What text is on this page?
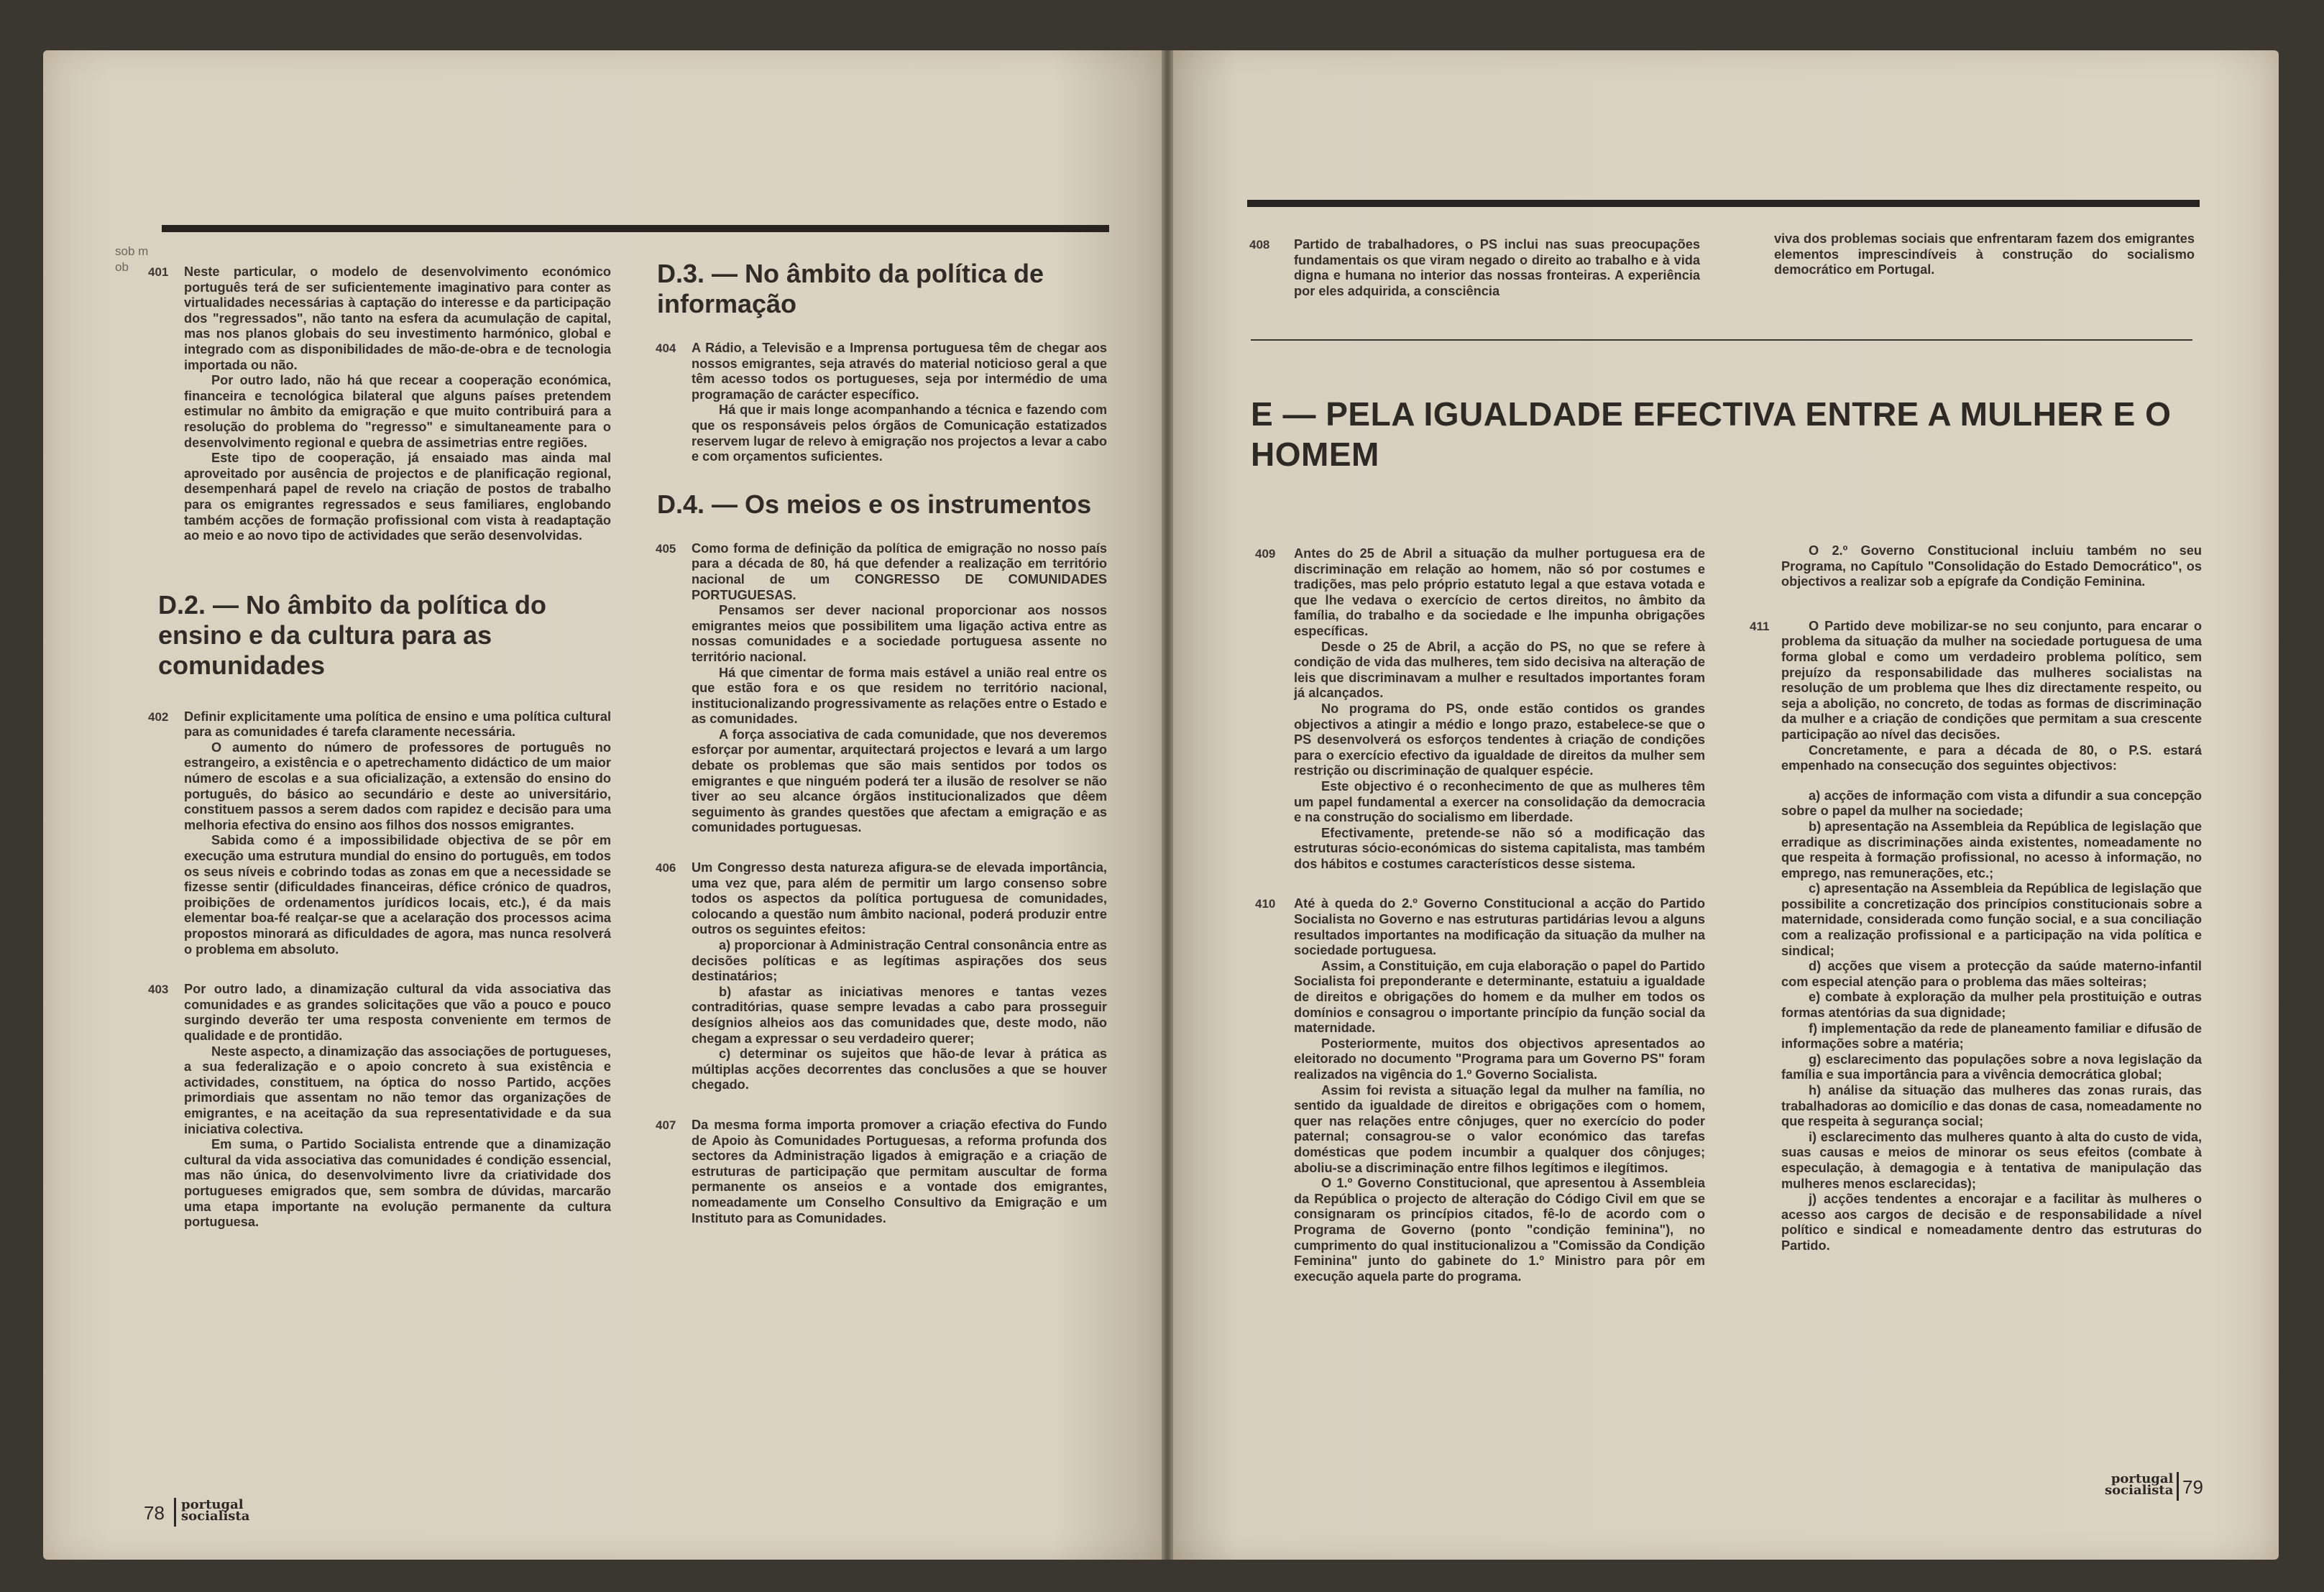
sob m
ob 401 Neste particular, o modelo de desenvolvimento económico português terá de ser suficientemente imaginativo para conter as virtualidades necessárias à captação do interesse e da participação dos "regressados", não tanto na esfera da acumulação de capital, mas nos planos globais do seu investimento harmónico, global e integrado com as disponibilidades de mão-de-obra e de tecnologia importada ou não.

Por outro lado, não há que recear a cooperação económica, financeira e tecnológica bilateral que alguns países pretendem estimular no âmbito da emigração e que muito contribuirá para a resolução do problema do "regresso" e simultaneamente para o desenvolvimento regional e quebra de assimetrias entre regiões.

Este tipo de cooperação, já ensaiado mas ainda mal aproveitado por ausência de projectos e de planificação regional, desempenhará papel de revelo na criação de postos de trabalho para os emigrantes regressados e seus familiares, englobando também acções de formação profissional com vista à readaptação ao meio e ao novo tipo de actividades que serão desenvolvidas.

D.2. — No âmbito da política do ensino e da cultura para as comunidades
402 Definir explicitamente uma política de ensino e uma política cultural para as comunidades é tarefa claramente necessária.

O aumento do número de professores de português no estrangeiro, a existência e o apetrechamento didáctico de um maior número de escolas e a sua oficialização, a extensão do ensino do português, do básico ao secundário e deste ao universitário, constituem passos a serem dados com rapidez e decisão para uma melhoria efectiva do ensino aos filhos dos nossos emigrantes.

Sabida como é a impossibilidade objectiva de se pôr em execução uma estrutura mundial do ensino do português, em todos os seus níveis e cobrindo todas as zonas em que a necessidade se fizesse sentir (dificuldades financeiras, défice crónico de quadros, proibições de ordenamentos jurídicos locais, etc.), é da mais elementar boa-fé realçar-se que a acelaração dos processos acima propostos minorará as dificuldades de agora, mas nunca resolverá o problema em absoluto.

403 Por outro lado, a dinamização cultural da vida associativa das comunidades e as grandes solicitações que vão a pouco e pouco surgindo deverão ter uma resposta conveniente em termos de qualidade e de prontidão.

Neste aspecto, a dinamização das associações de portugueses, a sua federalização e o apoio concreto à sua existência e actividades, constituem, na óptica do nosso Partido, acções primordiais que assentam no não temor das organizações de emigrantes, e na aceitação da sua representatividade e da sua iniciativa colectiva.

Em suma, o Partido Socialista entrende que a dinamização cultural da vida associativa das comunidades é condição essencial, mas não única, do desenvolvimento livre da criatividade dos portugueses emigrados que, sem sombra de dúvidas, marcarão uma etapa importante na evolução permanente da cultura portuguesa.

D.3. — No âmbito da política de informação
404 A Rádio, a Televisão e a Imprensa portuguesa têm de chegar aos nossos emigrantes, seja através do material noticioso geral a que têm acesso todos os portugueses, seja por intermédio de uma programação de carácter específico.

Há que ir mais longe acompanhando a técnica e fazendo com que os responsáveis pelos órgãos de Comunicação estatizados reservem lugar de relevo à emigração nos projectos a levar a cabo e com orçamentos suficientes.

D.4. — Os meios e os instrumentos
405 Como forma de definição da política de emigração no nosso país para a década de 80, há que defender a realização em território nacional de um CONGRESSO DE COMUNIDADES PORTUGUESAS.

Pensamos ser dever nacional proporcionar aos nossos emigrantes meios que possibilitem uma ligação activa entre as nossas comunidades e a sociedade portuguesa assente no território nacional.

Há que cimentar de forma mais estável a união real entre os que estão fora e os que residem no território nacional, institucionalizando progressivamente as relações entre o Estado e as comunidades.

A força associativa de cada comunidade, que nos deveremos esforçar por aumentar, arquitectará projectos e levará a um largo debate os problemas que são mais sentidos por todos os emigrantes e que ninguém poderá ter a ilusão de resolver se não tiver ao seu alcance órgãos institucionalizados que dêem seguimento às grandes questões que afectam a emigração e as comunidades portuguesas.

406 Um Congresso desta natureza afigura-se de elevada importância, uma vez que, para além de permitir um largo consenso sobre todos os aspectos da política portuguesa de comunidades, colocando a questão num âmbito nacional, poderá produzir entre outros os seguintes efeitos:

a) proporcionar à Administração Central consonância entre as decisões políticas e as legítimas aspirações dos seus destinatários;

b) afastar as iniciativas menores e tantas vezes contraditórias, quase sempre levadas a cabo para prosseguir desígnios alheios aos das comunidades que, deste modo, não chegam a expressar o seu verdadeiro querer;

c) determinar os sujeitos que hão-de levar à prática as múltiplas acções decorrentes das conclusões a que se houver chegado.

407 Da mesma forma importa promover a criação efectiva do Fundo de Apoio às Comunidades Portuguesas, a reforma profunda dos sectores da Administração ligados à emigração e a criação de estruturas de participação que permitam auscultar de forma permanente os anseios e a vontade dos emigrantes, nomeadamente um Conselho Consultivo da Emigração e um Instituto para as Comunidades.

78 portugal
socialista
408 Partido de trabalhadores, o PS inclui nas suas preocupações fundamentais os que viram negado o direito ao trabalho e à vida digna e humana no interior das nossas fronteiras. A experiência por eles adquirida, a consciência

viva dos problemas sociais que enfrentaram fazem dos emigrantes elementos imprescindíveis à construção do socialismo democrático em Portugal.

E — PELA IGUALDADE EFECTIVA ENTRE A MULHER E O HOMEM
409 Antes do 25 de Abril a situação da mulher portuguesa era de discriminação em relação ao homem, não só por costumes e tradições, mas pelo próprio estatuto legal a que estava votada e que lhe vedava o exercício de certos direitos, no âmbito da família, do trabalho e da sociedade e lhe impunha obrigações específicas.

Desde o 25 de Abril, a acção do PS, no que se refere à condição de vida das mulheres, tem sido decisiva na alteração de leis que discriminavam a mulher e resultados importantes foram já alcançados.

No programa do PS, onde estão contidos os grandes objectivos a atingir a médio e longo prazo, estabelece-se que o PS desenvolverá os esforços tendentes à criação de condições para o exercício efectivo da igualdade de direitos da mulher sem restrição ou discriminação de qualquer espécie.

Este objectivo é o reconhecimento de que as mulheres têm um papel fundamental a exercer na consolidação da democracia e na construção do socialismo em liberdade.

Efectivamente, pretende-se não só a modificação das estruturas sócio-económicas do sistema capitalista, mas também dos hábitos e costumes característicos desse sistema.

410 Até à queda do 2.º Governo Constitucional a acção do Partido Socialista no Governo e nas estruturas partidárias levou a alguns resultados importantes na modificação da situação da mulher na sociedade portuguesa.

Assim, a Constituição, em cuja elaboração o papel do Partido Socialista foi preponderante e determinante, estatuiu a igualdade de direitos e obrigações do homem e da mulher em todos os domínios e consagrou o importante princípio da função social da maternidade.

Posteriormente, muitos dos objectivos apresentados ao eleitorado no documento "Programa para um Governo PS" foram realizados na vigência do 1.º Governo Socialista.

Assim foi revista a situação legal da mulher na família, no sentido da igualdade de direitos e obrigações com o homem, quer nas relações entre cônjuges, quer no exercício do poder paternal; consagrou-se o valor económico das tarefas domésticas que podem incumbir a qualquer dos cônjuges; aboliu-se a discriminação entre filhos legítimos e ilegítimos.

O 1.º Governo Constitucional, que apresentou à Assembleia da República o projecto de alteração do Código Civil em que se consignaram os princípios citados, fê-lo de acordo com o Programa de Governo (ponto "condição feminina"), no cumprimento do qual institucionalizou a "Comissão da Condição Feminina" junto do gabinete do 1.º Ministro para pôr em execução aquela parte do programa.

O 2.º Governo Constitucional incluiu também no seu Programa, no Capítulo "Consolidação do Estado Democrático", os objectivos a realizar sob a epígrafe da Condição Feminina.

411	O Partido deve mobilizar-se no seu conjunto, para encarar o problema da situação da mulher na sociedade portuguesa de uma forma global e como um verdadeiro problema político, sem prejuízo da responsabilidade das mulheres socialistas na resolução de um problema que lhes diz directamente respeito, ou seja a abolição, no concreto, de todas as formas de discriminação da mulher e a criação de condições que permitam a sua crescente participação ao nível das decisões.

Concretamente, e para a década de 80, o P.S. estará empenhado na consecução dos seguintes objectivos:

a) acções de informação com vista a difundir a sua concepção sobre o papel da mulher na sociedade;

b) apresentação na Assembleia da República de legislação que erradique as discriminações ainda existentes, nomeadamente no que respeita à formação profissional, no acesso à informação, no emprego, nas remunerações, etc.;

c) apresentação na Assembleia da República de legislação que possibilite a concretização dos princípios constitucionais sobre a maternidade, considerada como função social, e a sua conciliação com a realização profissional e a participação na vida política e sindical;

d) acções que visem a protecção da saúde materno-infantil com especial atenção para o problema das mães solteiras;

e) combate à exploração da mulher pela prostituição e outras formas atentórias da sua dignidade;

f) implementação da rede de planeamento familiar e difusão de informações sobre a matéria;

g) esclarecimento das populações sobre a nova legislação da família e sua importância para a vivência democrática global;

h) análise da situação das mulheres das zonas rurais, das trabalhadoras ao domicílio e das donas de casa, nomeadamente no que respeita à segurança social;

i) esclarecimento das mulheres quanto à alta do custo de vida, suas causas e meios de minorar os seus efeitos (combate à especulação, à demagogia e à tentativa de manipulação das mulheres menos esclarecidas);

j) acções tendentes a encorajar e a facilitar às mulheres o acesso aos cargos de decisão e de responsabilidade a nível político e sindical e nomeadamente dentro das estruturas do Partido.

portugal
socialista 79
